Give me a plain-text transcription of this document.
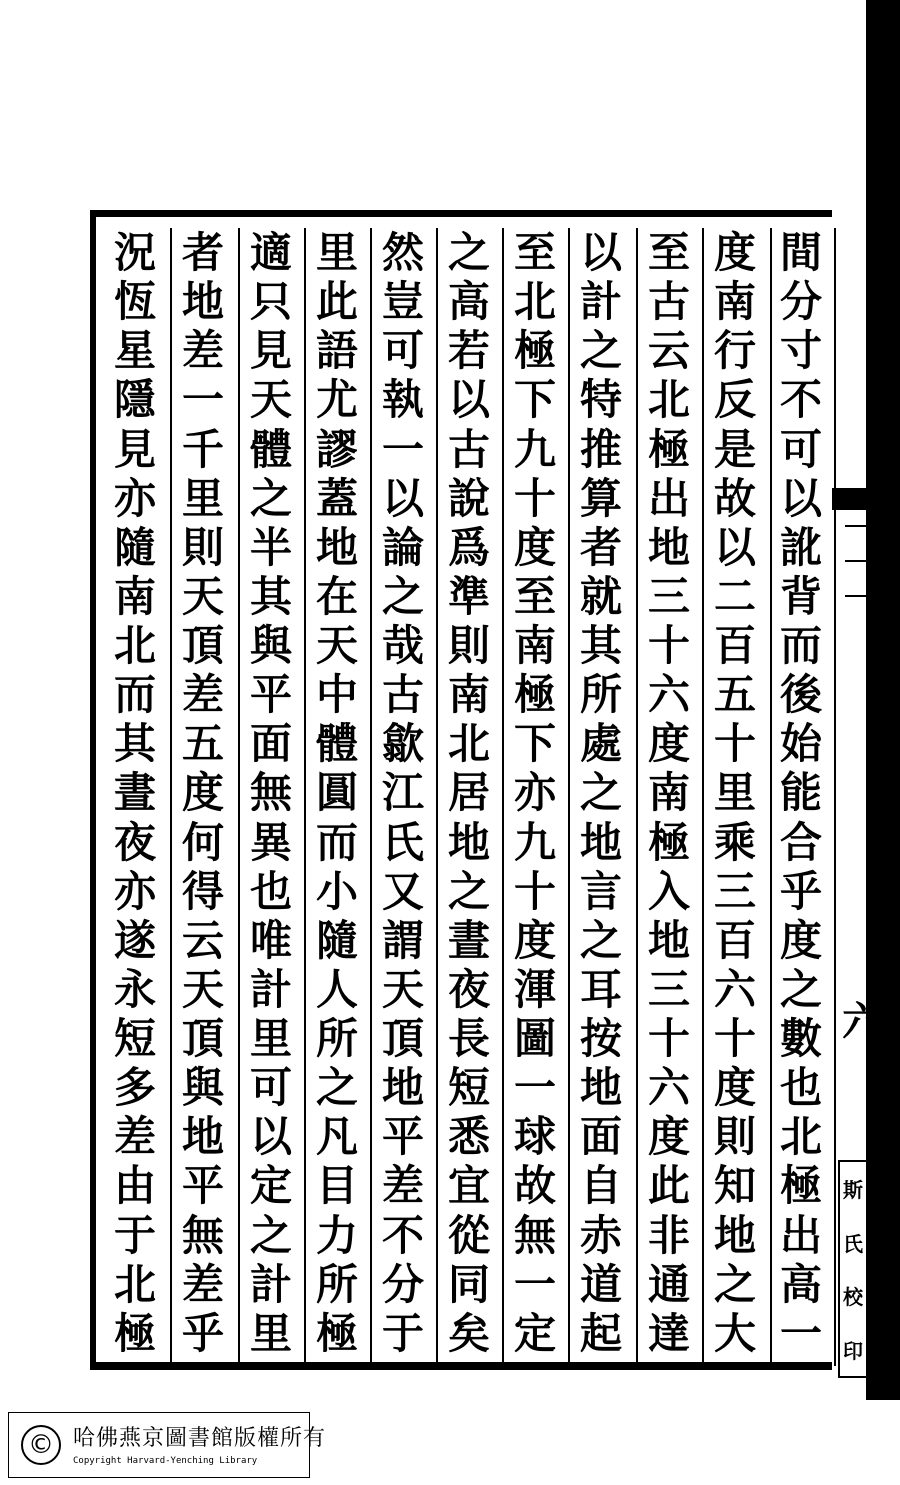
間
分
寸
不
可
以
訛
背
而
後
始
能
合
乎
度
之
數
也
北
極
出
高
一
度
南
行
反
是
故
以
二
百
五
十
里
乘
三
百
六
十
度
則
知
地
之
大
至
古
云
北
極
出
地
三
十
六
度
南
極
入
地
三
十
六
度
此
非
通
達
以
計
之
特
推
算
者
就
其
所
處
之
地
言
之
耳
按
地
面
自
赤
道
起
至
北
極
下
九
十
度
至
南
極
下
亦
九
十
度
渾
圖
一
球
故
無
一
定
之
高
若
以
古
說
爲
準
則
南
北
居
地
之
晝
夜
長
短
悉
宜
從
同
矣
然
豈
可
執
一
以
論
之
哉
古
歙
江
氏
又
謂
天
頂
地
平
差
不
分
于
里
此
語
尤
謬
蓋
地
在
天
中
體
圓
而
小
隨
人
所
之
凡
目
力
所
極
適
只
見
天
體
之
半
其
與
平
面
無
異
也
唯
計
里
可
以
定
之
計
里
者
地
差
一
千
里
則
天
頂
差
五
度
何
得
云
天
頂
與
地
平
無
差
乎
況
恆
星
隱
見
亦
隨
南
北
而
其
晝
夜
亦
遂
永
短
多
差
由
于
北
極
六
斯
氏
校
印
© 哈佛燕京圖書館版權所有
Copyright Harvard-Yenching Library
